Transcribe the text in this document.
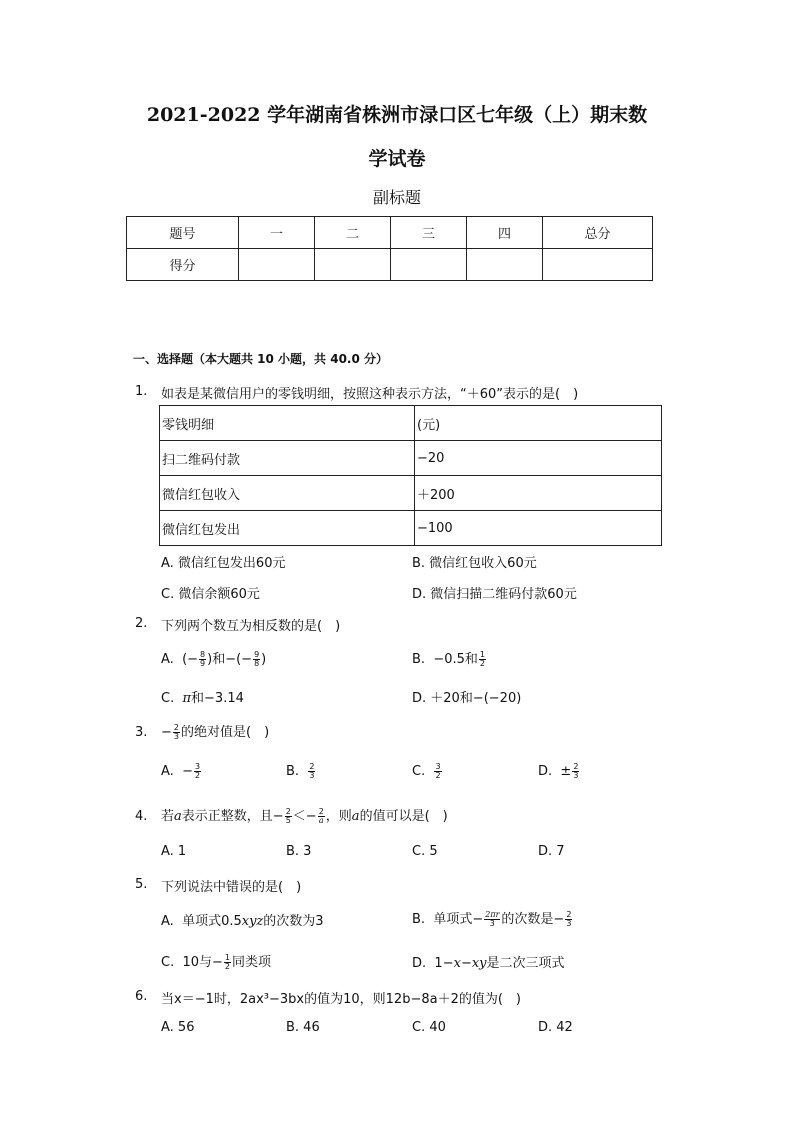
2021-2022 学年湖南省株洲市渌口区七年级（上）期末数
学试卷
副标题
题号	一	二	三	四	总分
得分					
一、选择题（本大题共 10 小题，共 40.0 分）
1. 如表是某微信用户的零钱明细，按照这种表示方法，“＋60”表示的是(　)
零钱明细	(元)
扫二维码付款	−20
微信红包收入	＋200
微信红包发出	−100
A. 微信红包发出60元	B. 微信红包收入60元
C. 微信余额60元	D. 微信扫描二维码付款60元
2. 下列两个数互为相反数的是(　)
A. (− $\frac{8}{9}$ )和−(− $\frac{9}{8}$ )	B. −0.5和 $\frac{1}{2}$
C. π和−3.14	D. ＋20和−(−20)
3. − $\frac{2}{3}$ 的绝对值是(　)
A. − $\frac{3}{2}$	B. $\frac{2}{3}$	C. $\frac{3}{2}$	D. ± $\frac{2}{3}$
4. 若a表示正整数，且− $\frac{2}{5} <- \frac{2}{a}$ ，则a的值可以是(　)
A. 1	B. 3	C. 5	D. 7
5. 下列说法中错误的是(　)
A. 单项式0.5xyz的次数为3	B. 单项式− $\frac{2\pi r}{3}$ 的次数是− $\frac{2}{3}$
C. 10与− $\frac{1}{2}$ 同类项	D. 1−x−xy是二次三项式
6. 当x＝−1时，2ax³−3bx的值为10，则12b−8a＋2的值为(　)
A. 56	B. 46	C. 40	D. 42
